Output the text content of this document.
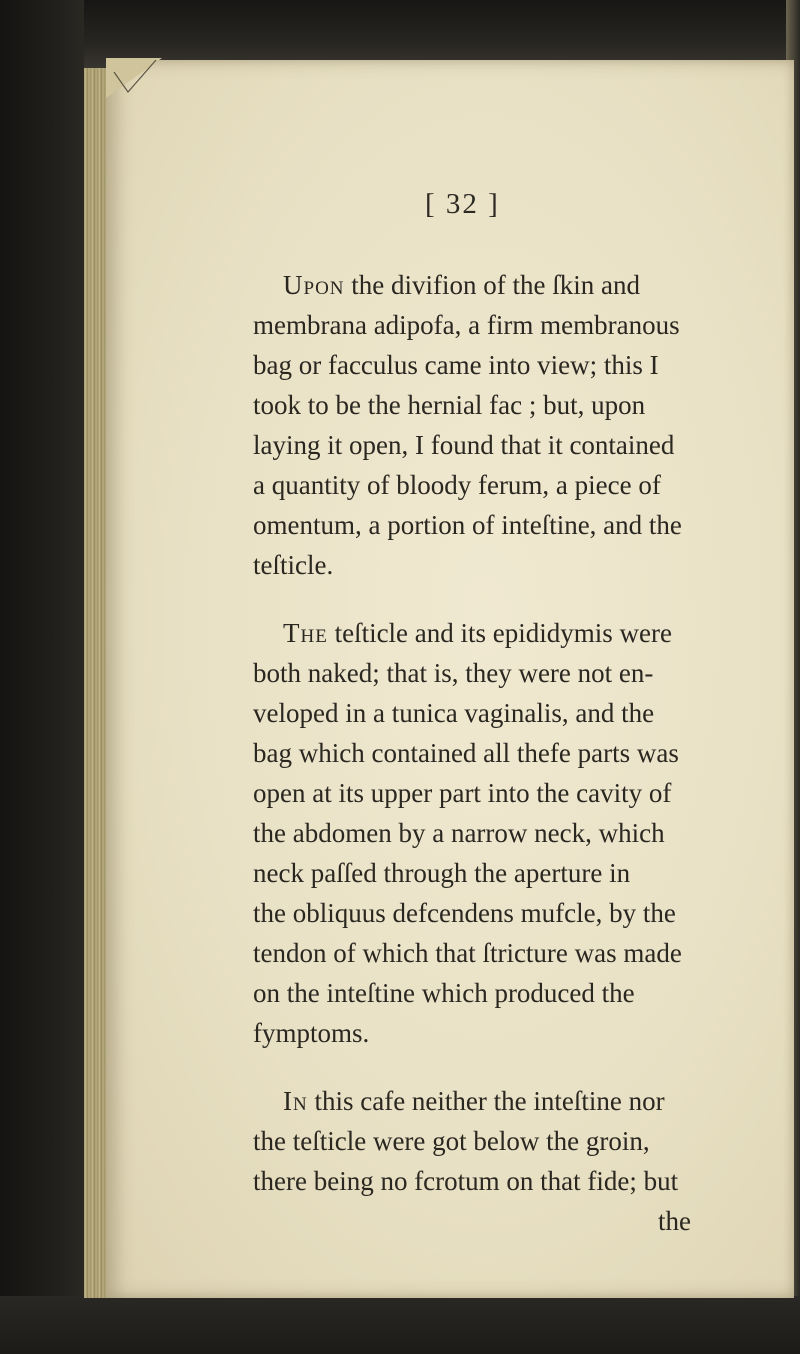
[ 32 ]
Upon the divifion of the ſkin and
membrana adipofa, a firm membranous
bag or facculus came into view; this I
took to be the hernial fac ; but, upon
laying it open, I found that it contained
a quantity of bloody ferum, a piece of
omentum, a portion of inteſtine, and the
teſticle.
The teſticle and its epididymis were
both naked; that is, they were not en-
veloped in a tunica vaginalis, and the
bag which contained all thefe parts was
open at its upper part into the cavity of
the abdomen by a narrow neck, which
neck paſſed through the aperture in
the obliquus defcendens mufcle, by the
tendon of which that ſtricture was made
on the inteſtine which produced the
fymptoms.
In this cafe neither the inteſtine nor
the teſticle were got below the groin,
there being no fcrotum on that fide; but
the
